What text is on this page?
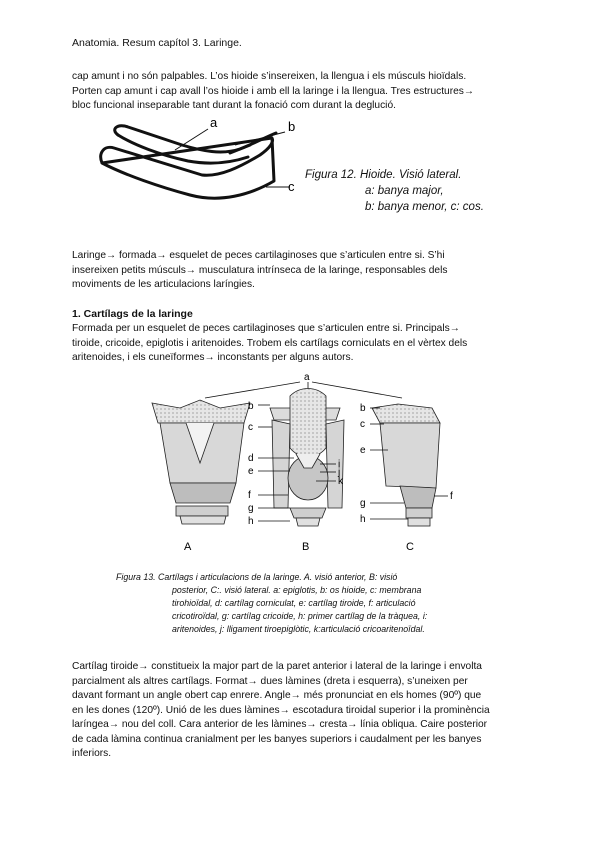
Anatomia. Resum capítol 3. Laringe.
cap amunt i no són palpables. L’os hioide s’insereixen, la llengua i els músculs hioïdals.
Porten cap amunt i cap avall l’os hioide i amb ell la laringe i la llengua. Tres estructures→
bloc funcional inseparable tant durant la fonació com durant la deglució.
a	b
c
Figura 12. Hioide. Visió lateral.
a: banya major,
b: banya menor, c: cos.
Laringe→ formada→ esquelet de peces cartilaginoses que s’articulen entre si. S’hi
insereixen petits músculs→ musculatura intrínseca de la laringe, responsables dels
moviments de les articulacions laríngies.
1. Cartílags de la laringe
Formada per un esquelet de peces cartilaginoses que s’articulen entre si. Principals→
tiroide, cricoide, epiglotis i aritenoides. Trobem els cartílags corniculats en el vèrtex dels
aritenoides, i els cuneïformes→ inconstants per alguns autors.
a
b
c
d
e
f
g
h
i
j
k
b
c
e
f
g
h
A	B	C
Figura 13. Cartílags i articulacions de la laringe. A. visió anterior, B: visió
posterior, C:. visió lateral. a: epiglotis, b: os hioide, c: membrana
tirohioïdal, d: cartílag corniculat, e: cartílag tiroide, f: articulació
cricotiroïdal, g: cartílag cricoide, h: primer cartílag de la tràquea, i:
aritenoides, j: lligament tiroepiglòtic, k:articulació cricoaritenoïdal.
Cartílag tiroide→ constitueix la major part de la paret anterior i lateral de la laringe i envolta
parcialment als altres cartílags. Format→ dues làmines (dreta i esquerra), s’uneixen per
davant formant un angle obert cap enrere. Angle→ més pronunciat en els homes (90º) que
en les dones (120º). Unió de les dues làmines→ escotadura tiroidal superior i la prominència
laríngea→ nou del coll. Cara anterior de les làmines→ cresta→ línia obliqua. Caire posterior
de cada làmina continua cranialment per les banyes superiors i caudalment per les banyes
inferiors.
